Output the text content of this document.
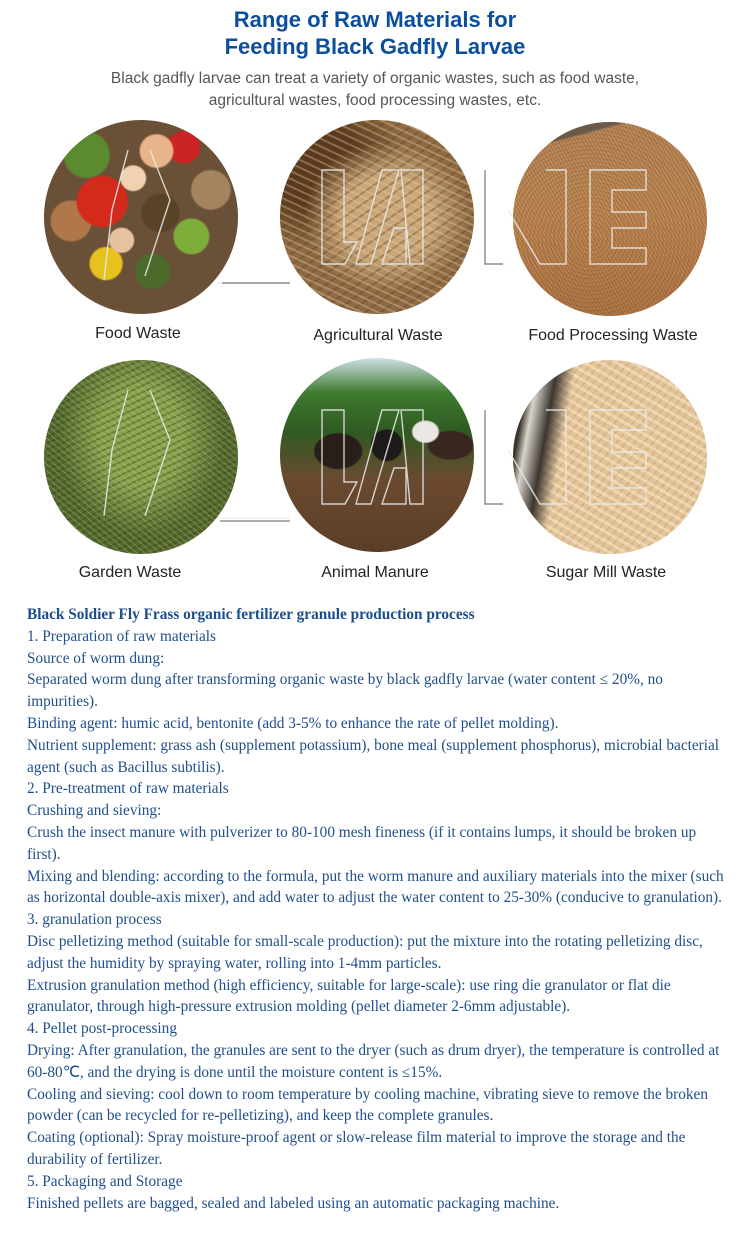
Range of Raw Materials for
Feeding Black Gadfly Larvae
Black gadfly larvae can treat a variety of organic wastes, such as food waste,
agricultural wastes, food processing wastes, etc.
Food Waste	Agricultural Waste	Food Processing Waste
Garden Waste	Animal Manure	Sugar Mill Waste

Black Soldier Fly Frass organic fertilizer granule production process

1. Preparation of raw materials

Source of worm dung:

Separated worm dung after transforming organic waste by black gadfly larvae (water content ≤ 20%, no impurities).

Binding agent: humic acid, bentonite (add 3-5% to enhance the rate of pellet molding).

Nutrient supplement: grass ash (supplement potassium), bone meal (supplement phosphorus), microbial bacterial agent (such as Bacillus subtilis).

2. Pre-treatment of raw materials

Crushing and sieving:

Crush the insect manure with pulverizer to 80-100 mesh fineness (if it contains lumps, it should be broken up first).

Mixing and blending: according to the formula, put the worm manure and auxiliary materials into the mixer (such as horizontal double-axis mixer), and add water to adjust the water content to 25-30% (conducive to granulation).

3. granulation process

Disc pelletizing method (suitable for small-scale production): put the mixture into the rotating pelletizing disc, adjust the humidity by spraying water, rolling into 1-4mm particles.

Extrusion granulation method (high efficiency, suitable for large-scale): use ring die granulator or flat die granulator, through high-pressure extrusion molding (pellet diameter 2-6mm adjustable).

4. Pellet post-processing

Drying: After granulation, the granules are sent to the dryer (such as drum dryer), the temperature is controlled at 60-80℃, and the drying is done until the moisture content is ≤15%.

Cooling and sieving: cool down to room temperature by cooling machine, vibrating sieve to remove the broken powder (can be recycled for re-pelletizing), and keep the complete granules.

Coating (optional): Spray moisture-proof agent or slow-release film material to improve the storage and the durability of fertilizer.

5. Packaging and Storage

Finished pellets are bagged, sealed and labeled using an automatic packaging machine.
